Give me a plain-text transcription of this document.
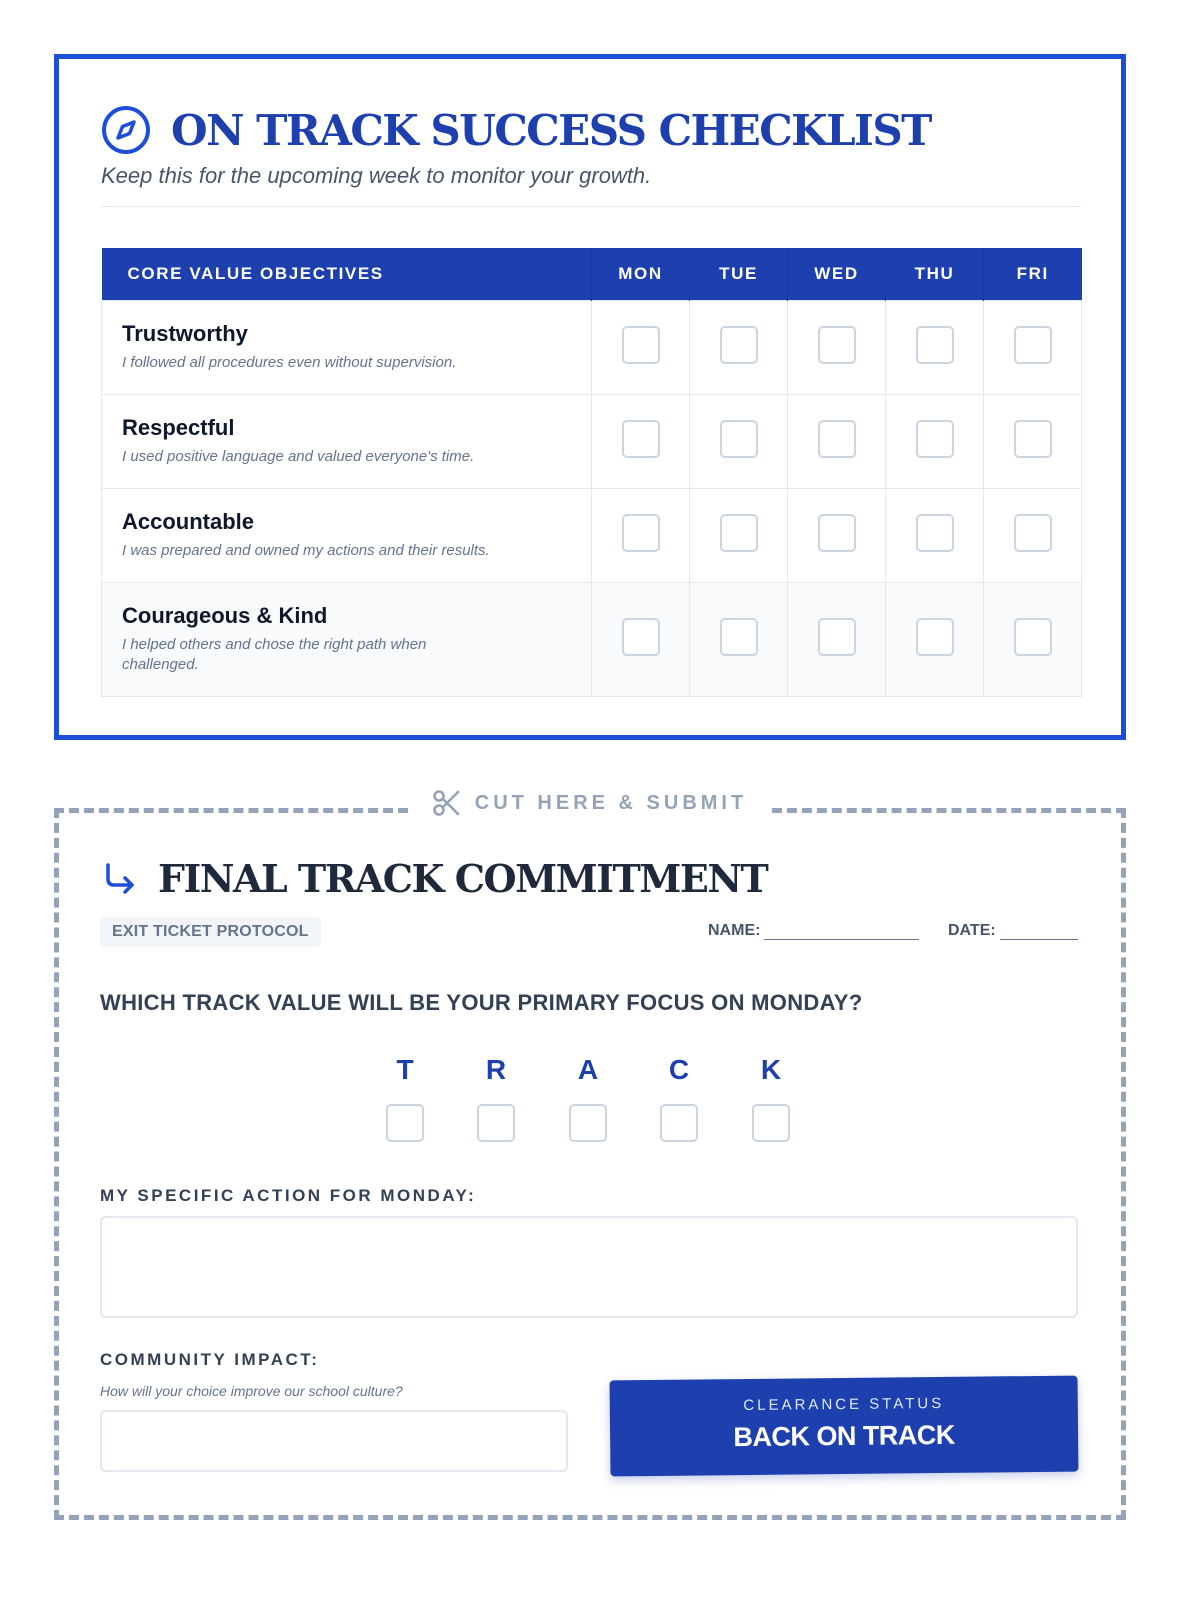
ON TRACK SUCCESS CHECKLIST
Keep this for the upcoming week to monitor your growth.
CORE VALUE OBJECTIVES	MON	TUE	WED	THU	FRI

Trustworthy
I followed all procedures even without supervision.					

Respectful
I used positive language and valued everyone's time.					

Accountable
I was prepared and owned my actions and their results.					

Courageous & Kind
I helped others and chose the right path when challenged.					

CUT HERE & SUBMIT
FINAL TRACK COMMITMENT
EXIT TICKET PROTOCOL	NAME:	DATE:
WHICH TRACK VALUE WILL BE YOUR PRIMARY FOCUS ON MONDAY?
T	R	A	C	K
MY SPECIFIC ACTION FOR MONDAY:
COMMUNITY IMPACT:
How will your choice improve our school culture?
CLEARANCE STATUS
BACK ON TRACK
